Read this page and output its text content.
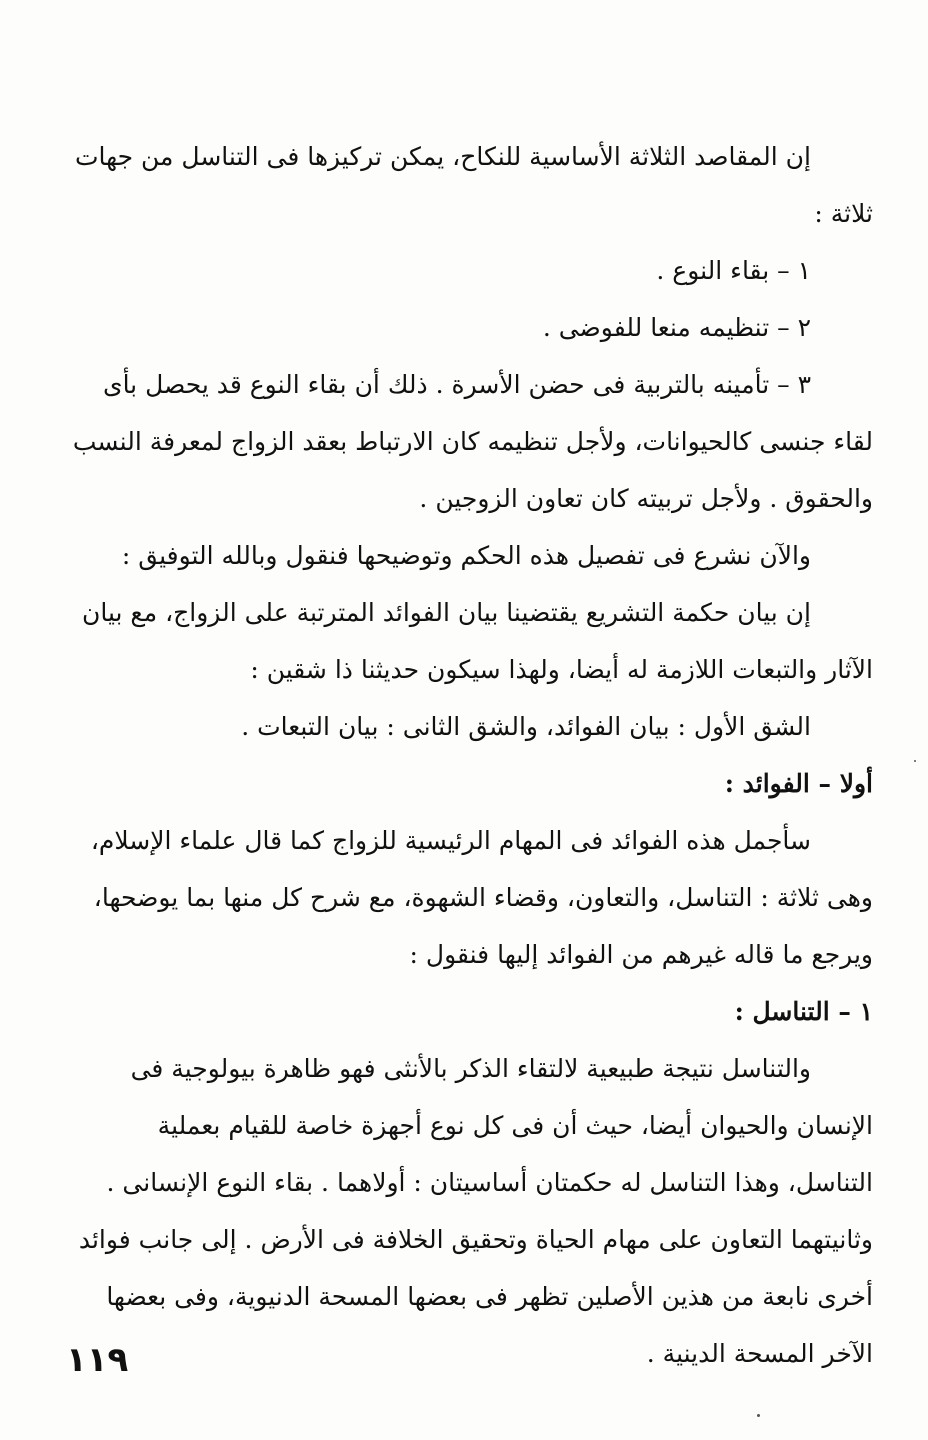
إن المقاصد الثلاثة الأساسية للنكاح، يمكن تركيزها فى التناسل من جهات
ثلاثة :
١ – بقاء النوع .
٢ – تنظيمه منعا للفوضى .
٣ – تأمينه بالتربية فى حضن الأسرة . ذلك أن بقاء النوع قد يحصل بأى
لقاء جنسى كالحيوانات، ولأجل تنظيمه كان الارتباط بعقد الزواج لمعرفة النسب
والحقوق . ولأجل تربيته كان تعاون الزوجين .
والآن نشرع فى تفصيل هذه الحكم وتوضيحها فنقول وبالله التوفيق :
إن بيان حكمة التشريع يقتضينا بيان الفوائد المترتبة على الزواج، مع بيان
الآثار والتبعات اللازمة له أيضا، ولهذا سيكون حديثنا ذا شقين :
الشق الأول : بيان الفوائد، والشق الثانى : بيان التبعات .
أولا – الفوائد :
سأجمل هذه الفوائد فى المهام الرئيسية للزواج كما قال علماء الإسلام،
وهى ثلاثة : التناسل، والتعاون، وقضاء الشهوة، مع شرح كل منها بما يوضحها،
ويرجع ما قاله غيرهم من الفوائد إليها فنقول :
١ – التناسل :
والتناسل نتيجة طبيعية لالتقاء الذكر بالأنثى فهو ظاهرة بيولوجية فى
الإنسان والحيوان أيضا، حيث أن فى كل نوع أجهزة خاصة للقيام بعملية
التناسل، وهذا التناسل له حكمتان أساسيتان : أولاهما . بقاء النوع الإنسانى .
وثانيتهما التعاون على مهام الحياة وتحقيق الخلافة فى الأرض . إلى جانب فوائد
أخرى نابعة من هذين الأصلين تظهر فى بعضها المسحة الدنيوية، وفى بعضها
الآخر المسحة الدينية .
١١٩
